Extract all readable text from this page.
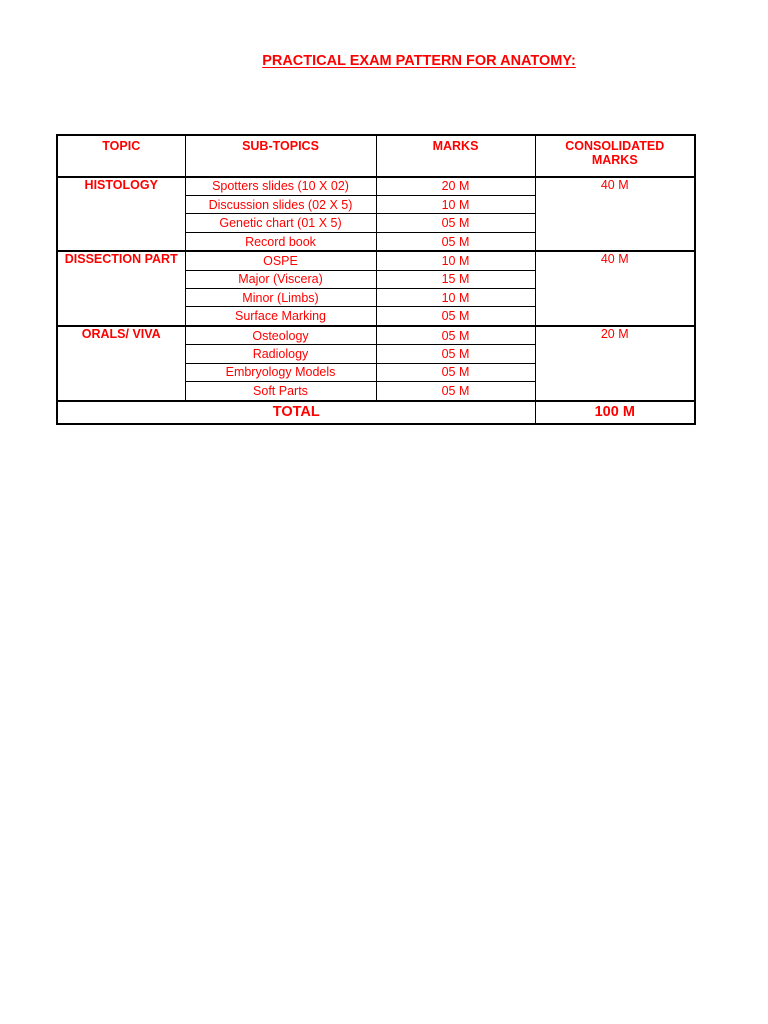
PRACTICAL EXAM PATTERN FOR ANATOMY:
TOPIC	SUB-TOPICS	MARKS	CONSOLIDATED
MARKS
HISTOLOGY	Spotters slides (10 X 02)	20 M	40 M
	Discussion slides (02 X 5)	10 M	
	Genetic chart (01 X 5)	05 M	
	Record book	05 M	
DISSECTION PART	OSPE	10 M	40 M
	Major (Viscera)	15 M	
	Minor (Limbs)	10 M	
	Surface Marking	05 M	
ORALS/ VIVA	Osteology	05 M	20 M
	Radiology	05 M	
	Embryology Models	05 M	
	Soft Parts	05 M	
TOTAL			100 M
